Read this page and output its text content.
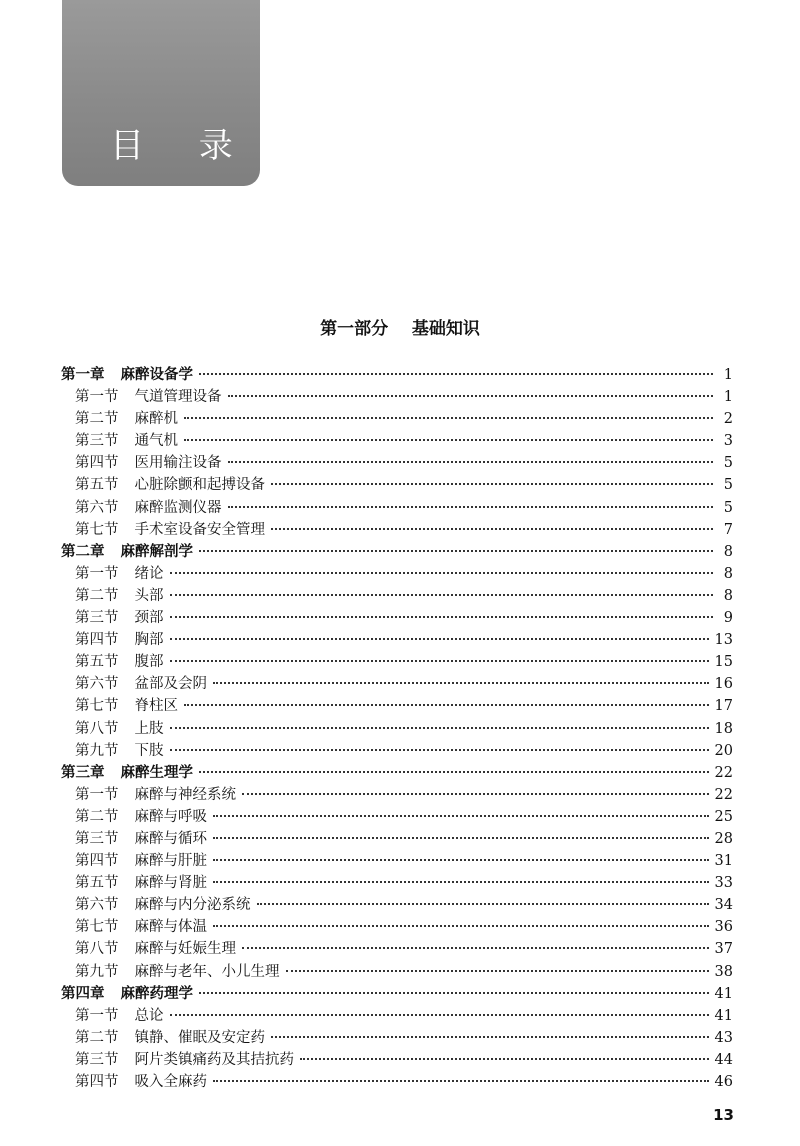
目 录
第一部分    基础知识
第一章 麻醉设备学	1
第一节 气道管理设备	1
第二节 麻醉机	2
第三节 通气机	3
第四节 医用输注设备	5
第五节 心脏除颤和起搏设备	5
第六节 麻醉监测仪器	5
第七节 手术室设备安全管理	7
第二章 麻醉解剖学	8
第一节 绪论	8
第二节 头部	8
第三节 颈部	9
第四节 胸部	13
第五节 腹部	15
第六节 盆部及会阴	16
第七节 脊柱区	17
第八节 上肢	18
第九节 下肢	20
第三章 麻醉生理学	22
第一节 麻醉与神经系统	22
第二节 麻醉与呼吸	25
第三节 麻醉与循环	28
第四节 麻醉与肝脏	31
第五节 麻醉与肾脏	33
第六节 麻醉与内分泌系统	34
第七节 麻醉与体温	36
第八节 麻醉与妊娠生理	37
第九节 麻醉与老年、小儿生理	38
第四章 麻醉药理学	41
第一节 总论	41
第二节 镇静、催眠及安定药	43
第三节 阿片类镇痛药及其拮抗药	44
第四节 吸入全麻药	46
13
